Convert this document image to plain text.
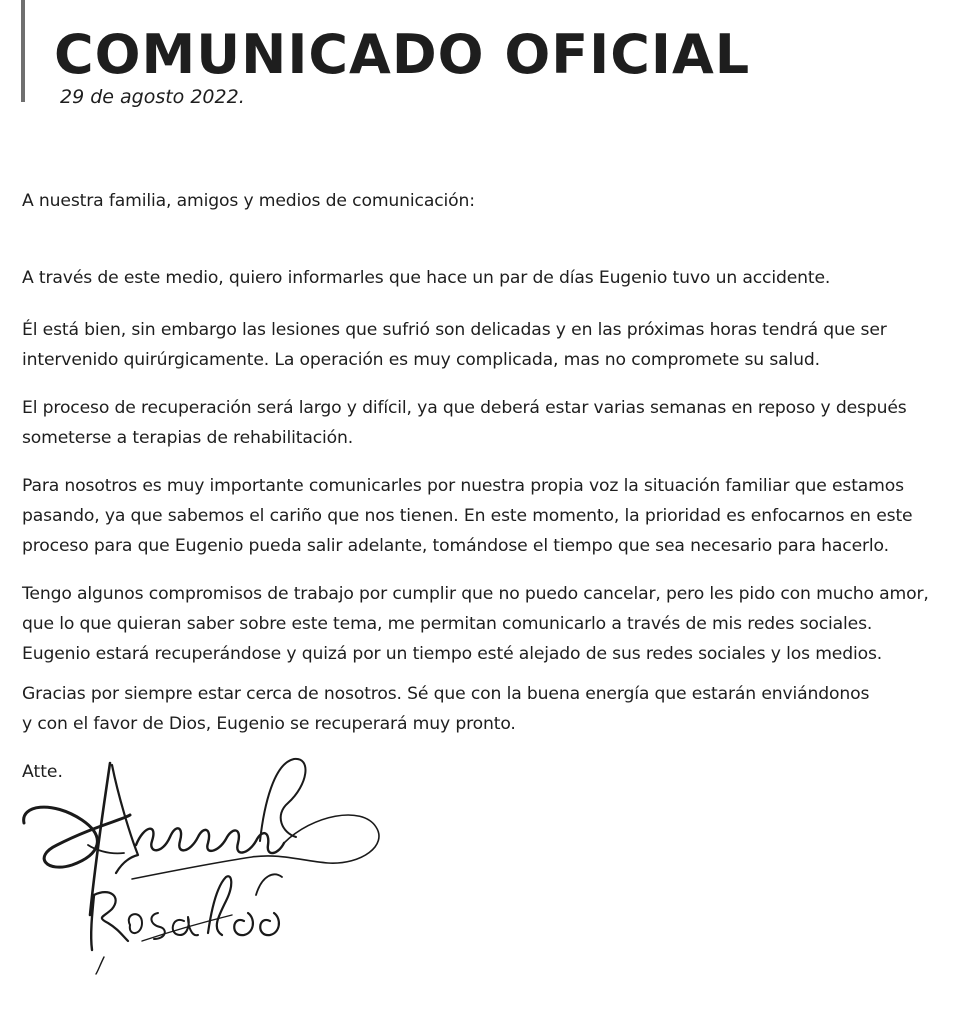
COMUNICADO OFICIAL
29 de agosto 2022.

A nuestra familia, amigos y medios de comunicación:

A través de este medio, quiero informarles que hace un par de días Eugenio tuvo un accidente.

Él está bien, sin embargo las lesiones que sufrió son delicadas y en las próximas horas tendrá que ser
intervenido quirúrgicamente. La operación es muy complicada, mas no compromete su salud.

El proceso de recuperación será largo y difícil, ya que deberá estar varias semanas en reposo y después
someterse a terapias de rehabilitación.

Para nosotros es muy importante comunicarles por nuestra propia voz la situación familiar que estamos
pasando, ya que sabemos el cariño que nos tienen. En este momento, la prioridad es enfocarnos en este
proceso para que Eugenio pueda salir adelante, tomándose el tiempo que sea necesario para hacerlo.

Tengo algunos compromisos de trabajo por cumplir que no puedo cancelar, pero les pido con mucho amor,
que lo que quieran saber sobre este tema, me permitan comunicarlo a través de mis redes sociales.
Eugenio estará recuperándose y quizá por un tiempo esté alejado de sus redes sociales y los medios.

Gracias por siempre estar cerca de nosotros. Sé que con la buena energía que estarán enviándonos
y con el favor de Dios, Eugenio se recuperará muy pronto.

Atte.
